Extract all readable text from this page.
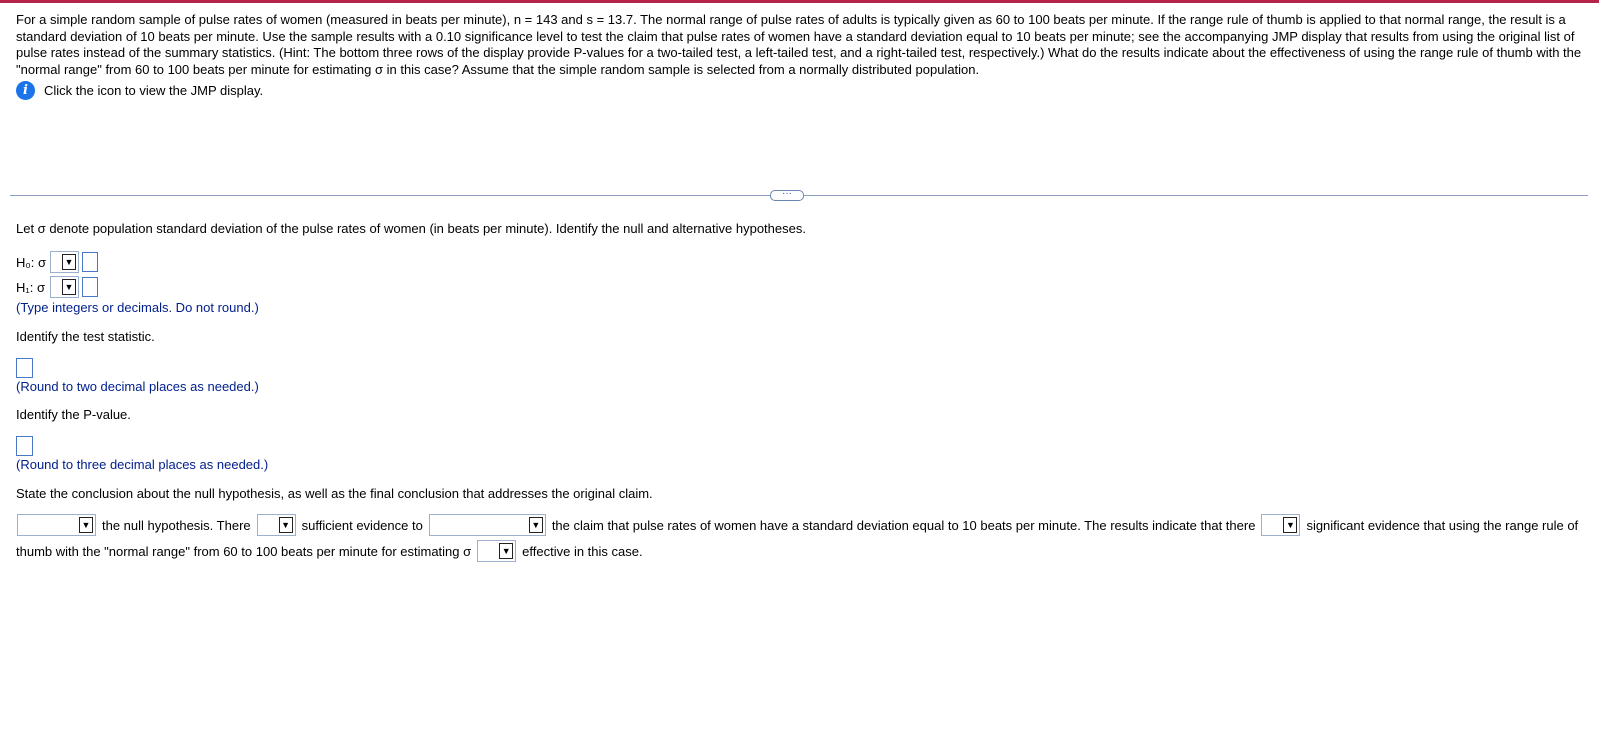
For a simple random sample of pulse rates of women (measured in beats per minute), n = 143 and s = 13.7. The normal range of pulse rates of adults is typically given as 60 to 100 beats per minute. If the range rule of thumb is applied to that normal range, the result is a standard deviation of 10 beats per minute. Use the sample results with a 0.10 significance level to test the claim that pulse rates of women have a standard deviation equal to 10 beats per minute; see the accompanying JMP display that results from using the original list of pulse rates instead of the summary statistics. (Hint: The bottom three rows of the display provide P-values for a two-tailed test, a left-tailed test, and a right-tailed test, respectively.) What do the results indicate about the effectiveness of using the range rule of thumb with the "normal range" from 60 to 100 beats per minute for estimating σ in this case? Assume that the simple random sample is selected from a normally distributed population.
i	Click the icon to view the JMP display.
···
Let σ denote population standard deviation of the pulse rates of women (in beats per minute). Identify the null and alternative hypotheses.
H₀: σ	▼
H₁: σ	▼
(Type integers or decimals. Do not round.)
Identify the test statistic.
(Round to two decimal places as needed.)
Identify the P-value.
(Round to three decimal places as needed.)
State the conclusion about the null hypothesis, as well as the final conclusion that addresses the original claim.
▼ the null hypothesis. There	▼ sufficient evidence to	▼ the claim that pulse rates of women have a standard deviation equal to 10 beats per minute. The results indicate that there	▼ significant evidence that using the range rule of
thumb with the "normal range" from 60 to 100 beats per minute for estimating σ	▼ effective in this case.
